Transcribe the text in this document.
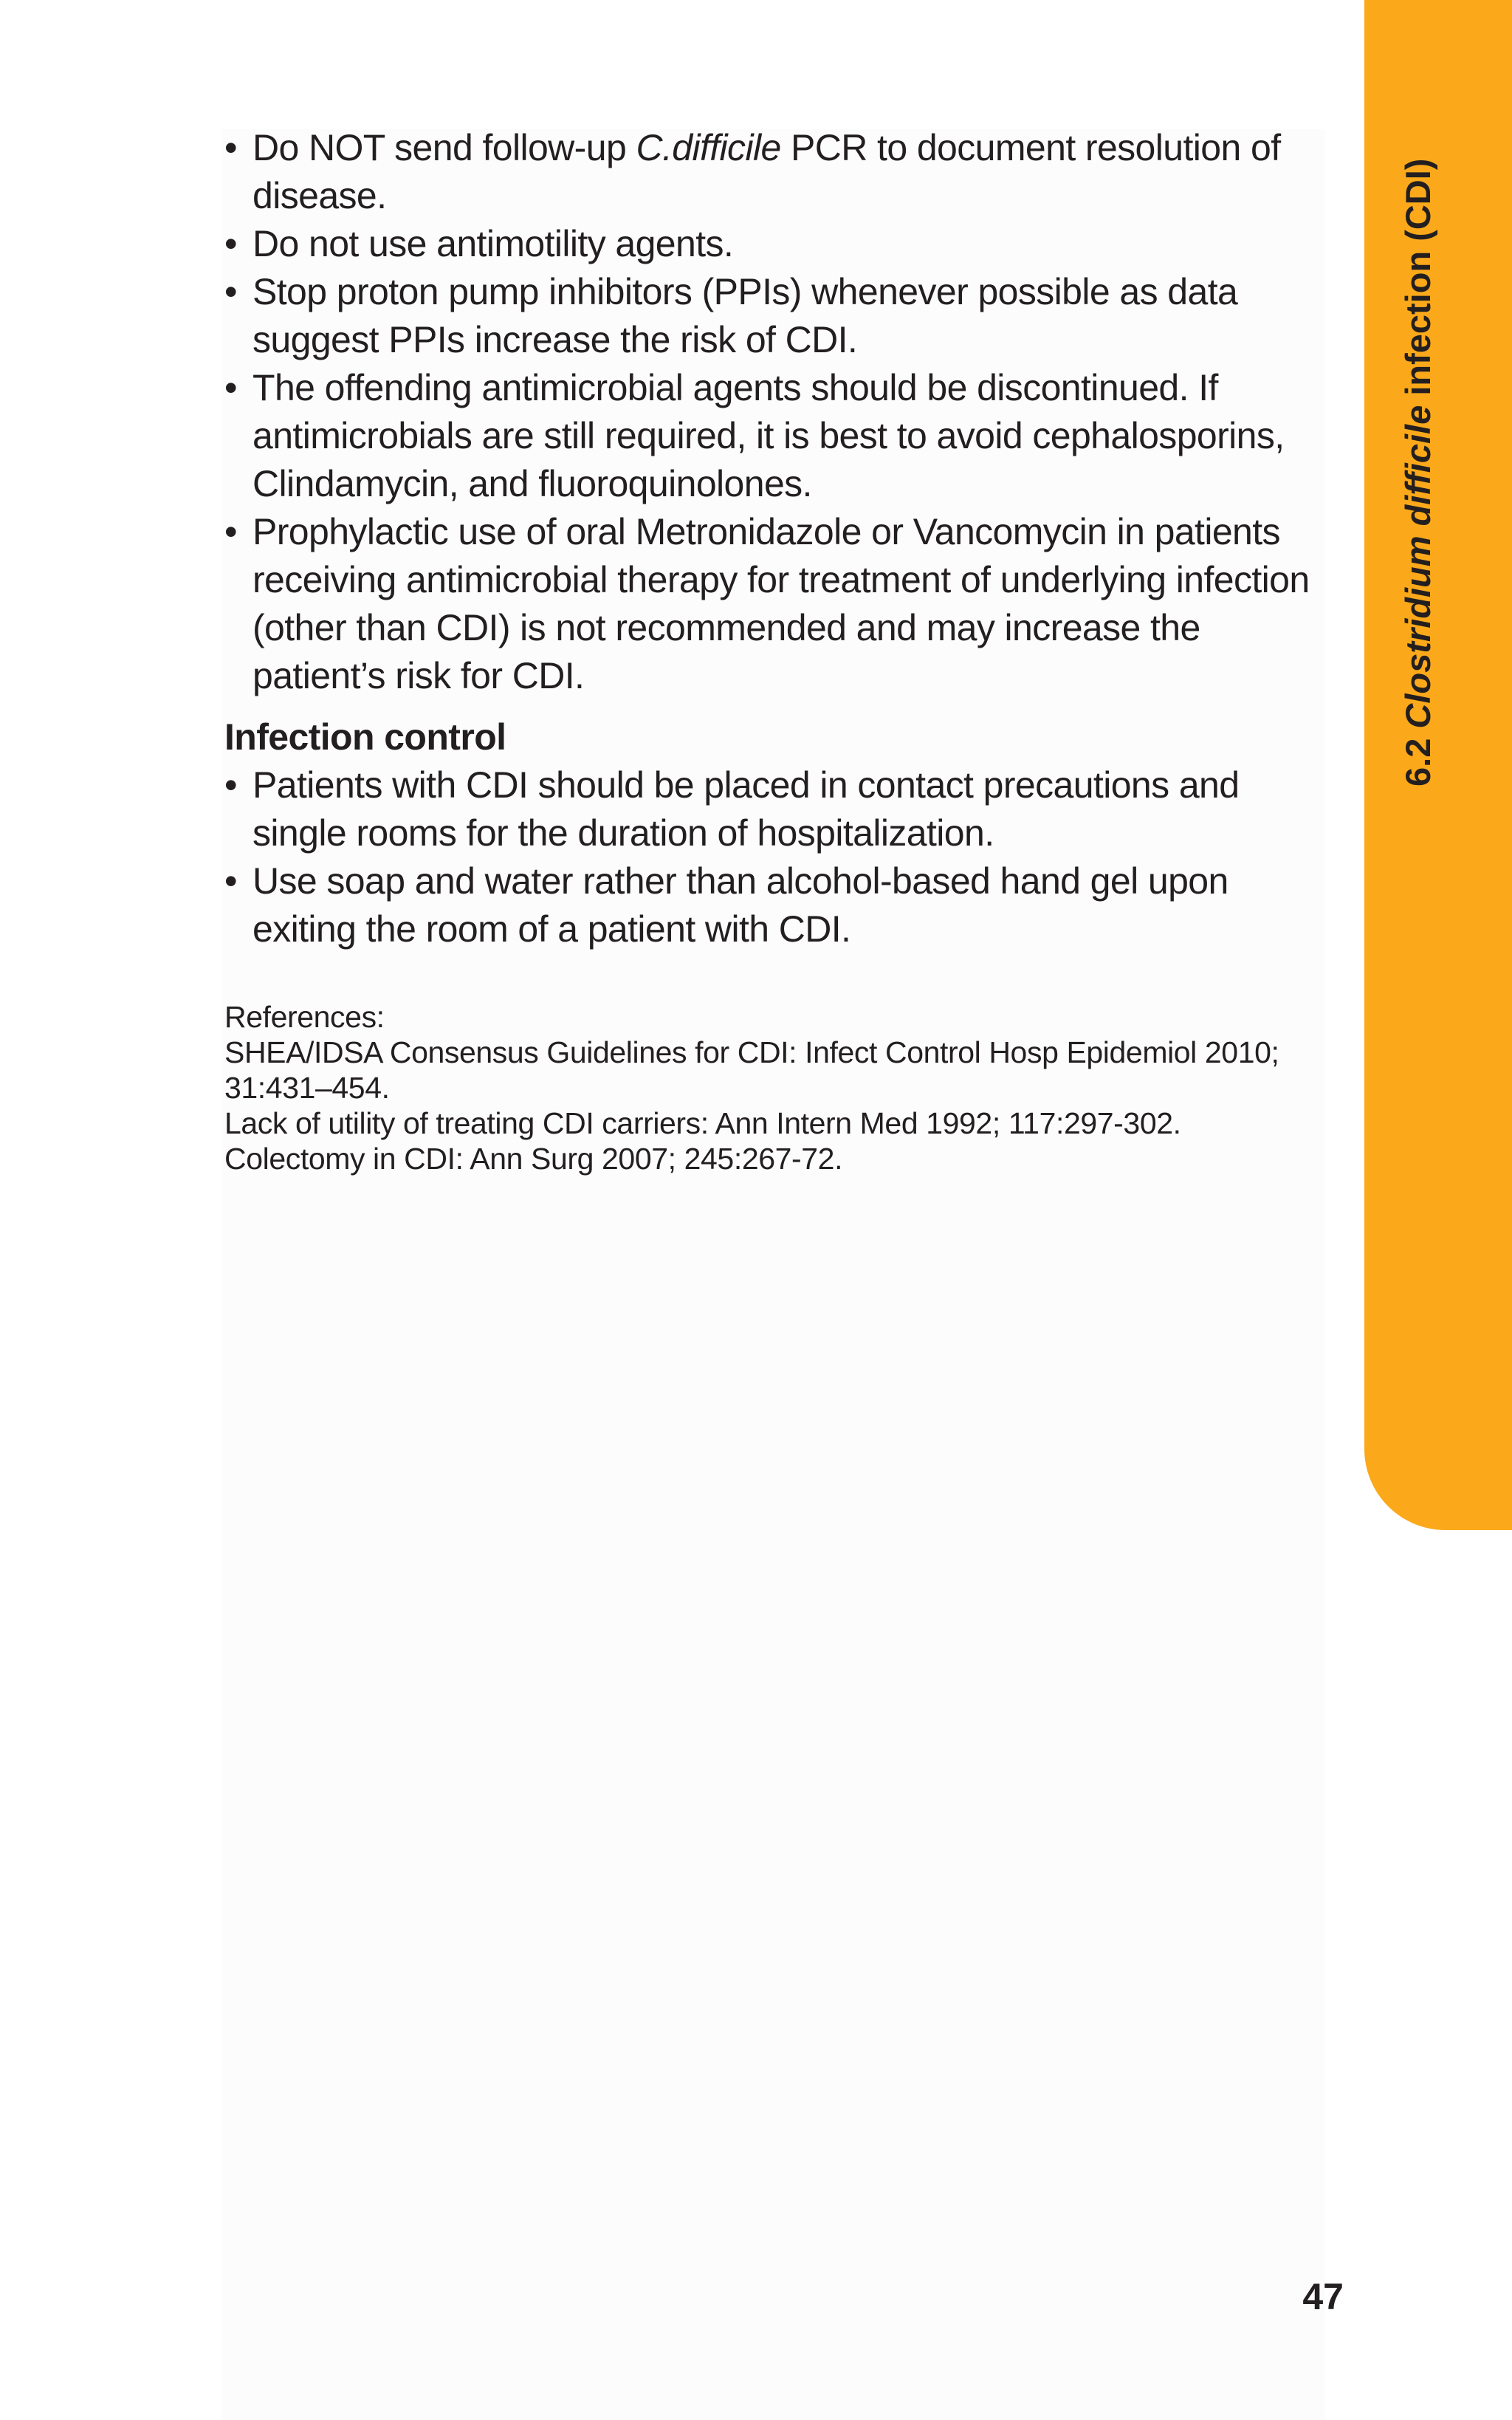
6.2 Clostridium difficile infection (CDI)
• Do NOT send follow-up C.difficile PCR to document resolution of disease.
• Do not use antimotility agents.
• Stop proton pump inhibitors (PPIs) whenever possible as data suggest PPIs increase the risk of CDI.
• The offending antimicrobial agents should be discontinued. If antimicrobials are still required, it is best to avoid cephalosporins, Clindamycin, and fluoroquinolones.
• Prophylactic use of oral Metronidazole or Vancomycin in patients receiving antimicrobial therapy for treatment of underlying infection (other than CDI) is not recommended and may increase the patient’s risk for CDI.
Infection control
• Patients with CDI should be placed in contact precautions and single rooms for the duration of hospitalization.
• Use soap and water rather than alcohol-based hand gel upon exiting the room of a patient with CDI.
References:
SHEA/IDSA Consensus Guidelines for CDI: Infect Control Hosp Epidemiol 2010; 31:431–454.
Lack of utility of treating CDI carriers: Ann Intern Med 1992; 117:297-302.
Colectomy in CDI: Ann Surg 2007; 245:267-72.
47
